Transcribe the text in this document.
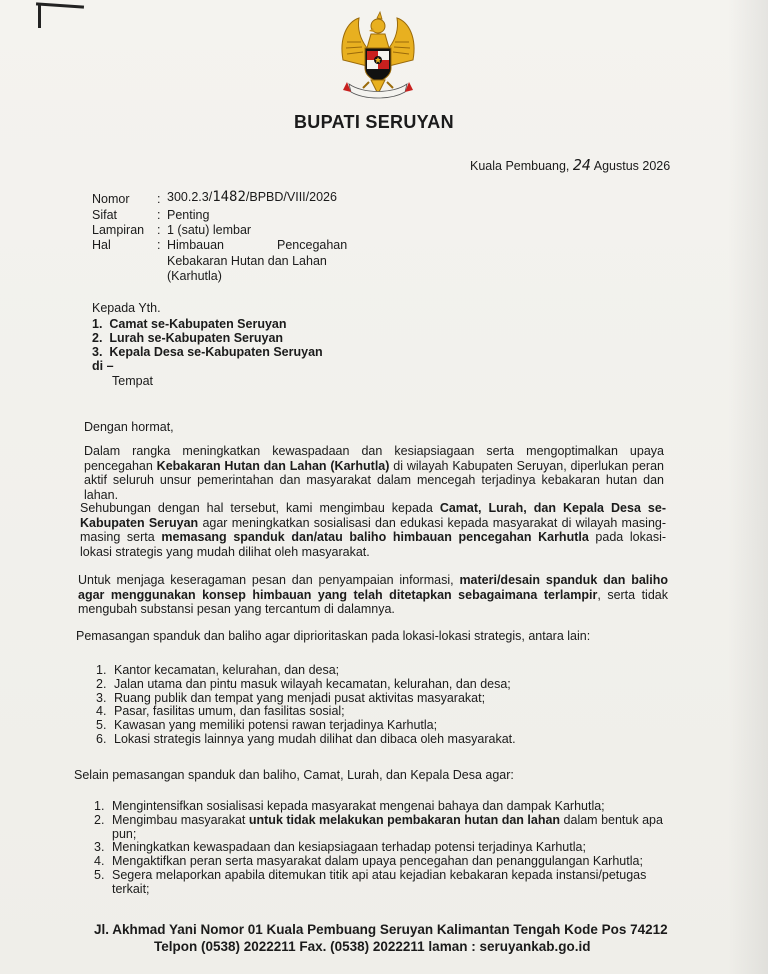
BUPATI SERUYAN
Kuala Pembuang, 24 Agustus 2026
Nomor : 300.2.3/1482/BPBD/VIII/2026
Sifat	: Penting
Lampiran : 1 (satu) lembar
Hal	: Himbauan	Pencegahan
Kebakaran Hutan dan Lahan
(Karhutla)
Kepada Yth.
1.  Camat se-Kabupaten Seruyan
2.  Lurah se-Kabupaten Seruyan
3.  Kepala Desa se-Kabupaten Seruyan
di –
Tempat
Dengan hormat,
Dalam rangka meningkatkan kewaspadaan dan kesiapsiagaan serta mengoptimalkan upaya pencegahan Kebakaran Hutan dan Lahan (Karhutla) di wilayah Kabupaten Seruyan, diperlukan peran aktif seluruh unsur pemerintahan dan masyarakat dalam mencegah terjadinya kebakaran hutan dan lahan.
Sehubungan dengan hal tersebut, kami mengimbau kepada Camat, Lurah, dan Kepala Desa se-Kabupaten Seruyan agar meningkatkan sosialisasi dan edukasi kepada masyarakat di wilayah masing-masing serta memasang spanduk dan/atau baliho himbauan pencegahan Karhutla pada lokasi-lokasi strategis yang mudah dilihat oleh masyarakat.
Untuk menjaga keseragaman pesan dan penyampaian informasi, materi/desain spanduk dan baliho agar menggunakan konsep himbauan yang telah ditetapkan sebagaimana terlampir, serta tidak mengubah substansi pesan yang tercantum di dalamnya.
Pemasangan spanduk dan baliho agar diprioritaskan pada lokasi-lokasi strategis, antara lain:
1. Kantor kecamatan, kelurahan, dan desa;
2. Jalan utama dan pintu masuk wilayah kecamatan, kelurahan, dan desa;
3. Ruang publik dan tempat yang menjadi pusat aktivitas masyarakat;
4. Pasar, fasilitas umum, dan fasilitas sosial;
5. Kawasan yang memiliki potensi rawan terjadinya Karhutla;
6. Lokasi strategis lainnya yang mudah dilihat dan dibaca oleh masyarakat.
Selain pemasangan spanduk dan baliho, Camat, Lurah, dan Kepala Desa agar:
1. Mengintensifkan sosialisasi kepada masyarakat mengenai bahaya dan dampak Karhutla;
2. Mengimbau masyarakat untuk tidak melakukan pembakaran hutan dan lahan dalam bentuk apa
pun;
3. Meningkatkan kewaspadaan dan kesiapsiagaan terhadap potensi terjadinya Karhutla;
4. Mengaktifkan peran serta masyarakat dalam upaya pencegahan dan penanggulangan Karhutla;
5. Segera melaporkan apabila ditemukan titik api atau kejadian kebakaran kepada instansi/petugas
terkait;
Jl. Akhmad Yani Nomor 01 Kuala Pembuang Seruyan Kalimantan Tengah Kode Pos 74212
Telpon (0538) 2022211 Fax. (0538) 2022211 laman : seruyankab.go.id
